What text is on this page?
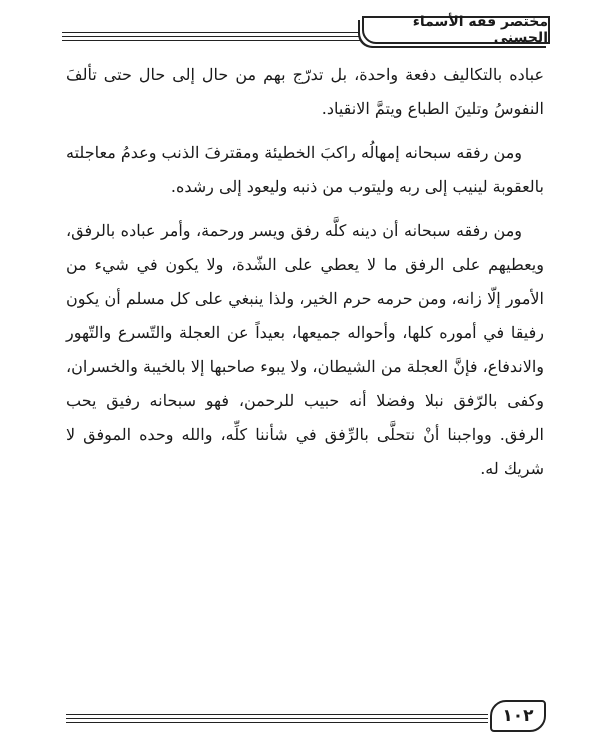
مختصر فقه الأسماء الحسنى

عباده بالتكاليف دفعة واحدة، بل تدرّج بهم من حال إلى حال حتى تألفَ النفوسُ وتلينَ الطباع ويتمَّ الانقياد.

ومن رفقه سبحانه إمهالُه راكبَ الخطيئة ومقترفَ الذنب وعدمُ معاجلته بالعقوبة لينيب إلى ربه وليتوب من ذنبه وليعود إلى رشده.

ومن رفقه سبحانه أن دينه كلَّه رفق ويسر ورحمة، وأمر عباده بالرفق، ويعطيهم على الرفق ما لا يعطي على الشّدة، ولا يكون في شيء من الأمور إلّا زانه، ومن حرمه حرم الخير، ولذا ينبغي على كل مسلم أن يكون رفيقا في أموره كلها، وأحواله جميعها، بعيداً عن العجلة والتّسرع والتّهور والاندفاع، فإنَّ العجلة من الشيطان، ولا يبوء صاحبها إلا بالخيبة والخسران، وكفى بالرّفق نبلا وفضلا أنه حبيب للرحمن، فهو سبحانه رفيق يحب الرفق. وواجبنا أنْ نتحلَّى بالرِّفق في شأننا كلِّه، والله وحده الموفق لا شريك له.

١٠٢
